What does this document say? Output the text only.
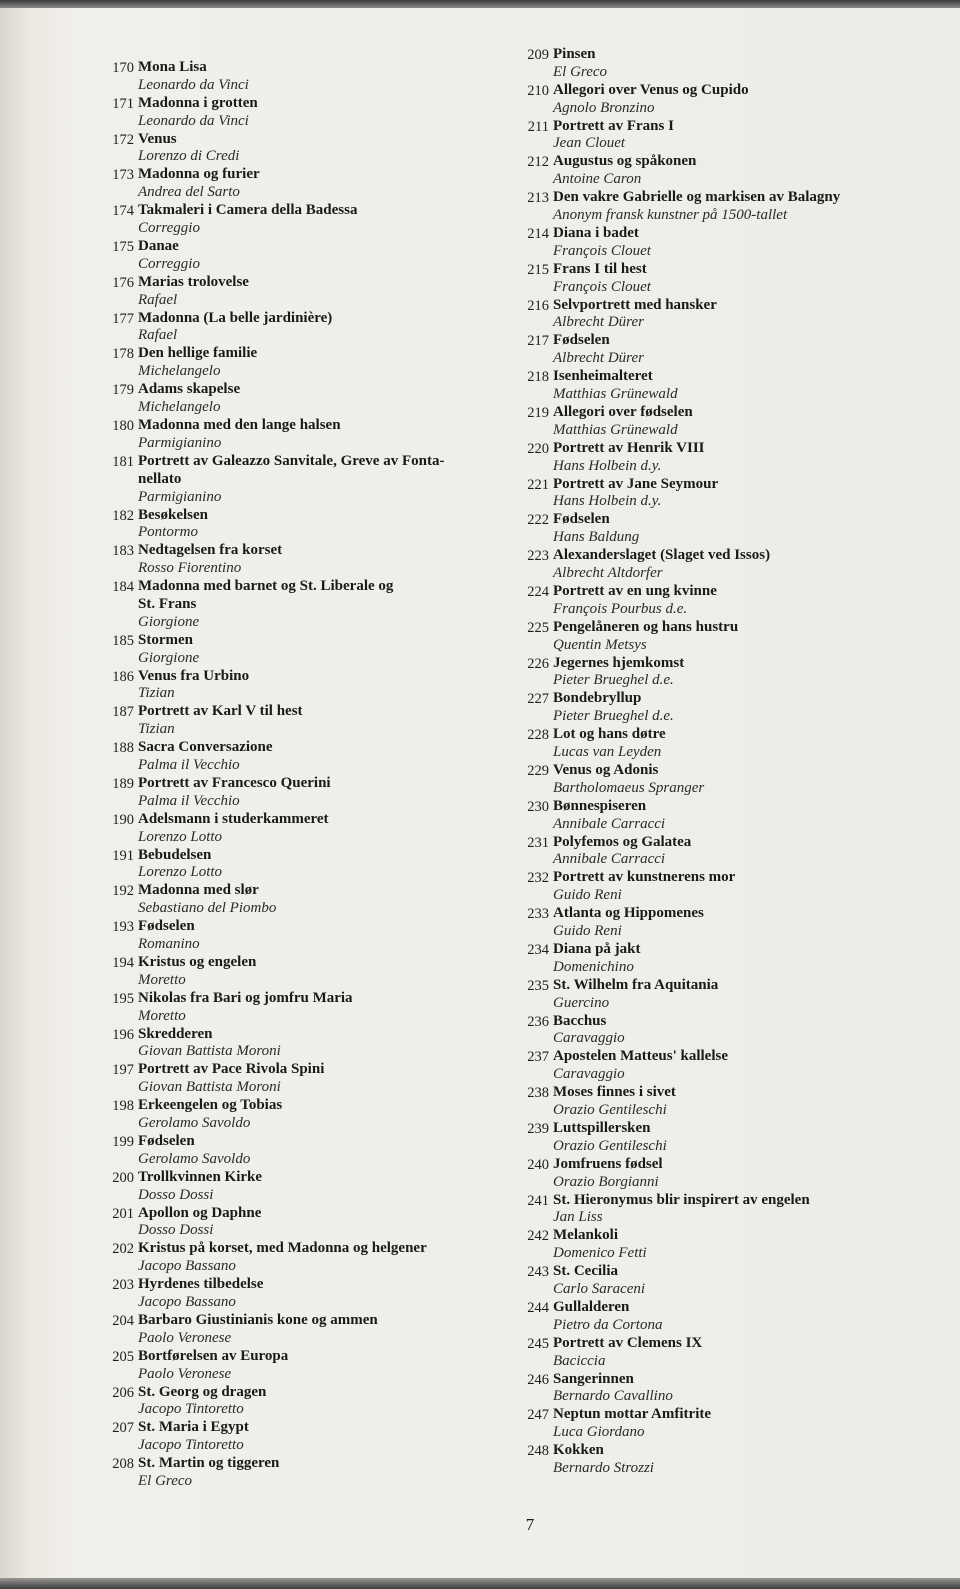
170 Mona Lisa
Leonardo da Vinci
171 Madonna i grotten
Leonardo da Vinci
172 Venus
Lorenzo di Credi
173 Madonna og furier
Andrea del Sarto
174 Takmaleri i Camera della Badessa
Correggio
175 Danae
Correggio
176 Marias trolovelse
Rafael
177 Madonna (La belle jardinière)
Rafael
178 Den hellige familie
Michelangelo
179 Adams skapelse
Michelangelo
180 Madonna med den lange halsen
Parmigianino
181 Portrett av Galeazzo Sanvitale, Greve av Fonta-
nellato
Parmigianino
182 Besøkelsen
Pontormo
183 Nedtagelsen fra korset
Rosso Fiorentino
184 Madonna med barnet og St. Liberale og
St. Frans
Giorgione
185 Stormen
Giorgione
186 Venus fra Urbino
Tizian
187 Portrett av Karl V til hest
Tizian
188 Sacra Conversazione
Palma il Vecchio
189 Portrett av Francesco Querini
Palma il Vecchio
190 Adelsmann i studerkammeret
Lorenzo Lotto
191 Bebudelsen
Lorenzo Lotto
192 Madonna med slør
Sebastiano del Piombo
193 Fødselen
Romanino
194 Kristus og engelen
Moretto
195 Nikolas fra Bari og jomfru Maria
Moretto
196 Skredderen
Giovan Battista Moroni
197 Portrett av Pace Rivola Spini
Giovan Battista Moroni
198 Erkeengelen og Tobias
Gerolamo Savoldo
199 Fødselen
Gerolamo Savoldo
200 Trollkvinnen Kirke
Dosso Dossi
201 Apollon og Daphne
Dosso Dossi
202 Kristus på korset, med Madonna og helgener
Jacopo Bassano
203 Hyrdenes tilbedelse
Jacopo Bassano
204 Barbaro Giustinianis kone og ammen
Paolo Veronese
205 Bortførelsen av Europa
Paolo Veronese
206 St. Georg og dragen
Jacopo Tintoretto
207 St. Maria i Egypt
Jacopo Tintoretto
208 St. Martin og tiggeren
El Greco
209 Pinsen
El Greco
210 Allegori over Venus og Cupido
Agnolo Bronzino
211 Portrett av Frans I
Jean Clouet
212 Augustus og spåkonen
Antoine Caron
213 Den vakre Gabrielle og markisen av Balagny
Anonym fransk kunstner på 1500-tallet
214 Diana i badet
François Clouet
215 Frans I til hest
François Clouet
216 Selvportrett med hansker
Albrecht Dürer
217 Fødselen
Albrecht Dürer
218 Isenheimalteret
Matthias Grünewald
219 Allegori over fødselen
Matthias Grünewald
220 Portrett av Henrik VIII
Hans Holbein d.y.
221 Portrett av Jane Seymour
Hans Holbein d.y.
222 Fødselen
Hans Baldung
223 Alexanderslaget (Slaget ved Issos)
Albrecht Altdorfer
224 Portrett av en ung kvinne
François Pourbus d.e.
225 Pengelåneren og hans hustru
Quentin Metsys
226 Jegernes hjemkomst
Pieter Brueghel d.e.
227 Bondebryllup
Pieter Brueghel d.e.
228 Lot og hans døtre
Lucas van Leyden
229 Venus og Adonis
Bartholomaeus Spranger
230 Bønnespiseren
Annibale Carracci
231 Polyfemos og Galatea
Annibale Carracci
232 Portrett av kunstnerens mor
Guido Reni
233 Atlanta og Hippomenes
Guido Reni
234 Diana på jakt
Domenichino
235 St. Wilhelm fra Aquitania
Guercino
236 Bacchus
Caravaggio
237 Apostelen Matteus' kallelse
Caravaggio
238 Moses finnes i sivet
Orazio Gentileschi
239 Luttspillersken
Orazio Gentileschi
240 Jomfruens fødsel
Orazio Borgianni
241 St. Hieronymus blir inspirert av engelen
Jan Liss
242 Melankoli
Domenico Fetti
243 St. Cecilia
Carlo Saraceni
244 Gullalderen
Pietro da Cortona
245 Portrett av Clemens IX
Baciccia
246 Sangerinnen
Bernardo Cavallino
247 Neptun mottar Amfitrite
Luca Giordano
248 Kokken
Bernardo Strozzi
7
